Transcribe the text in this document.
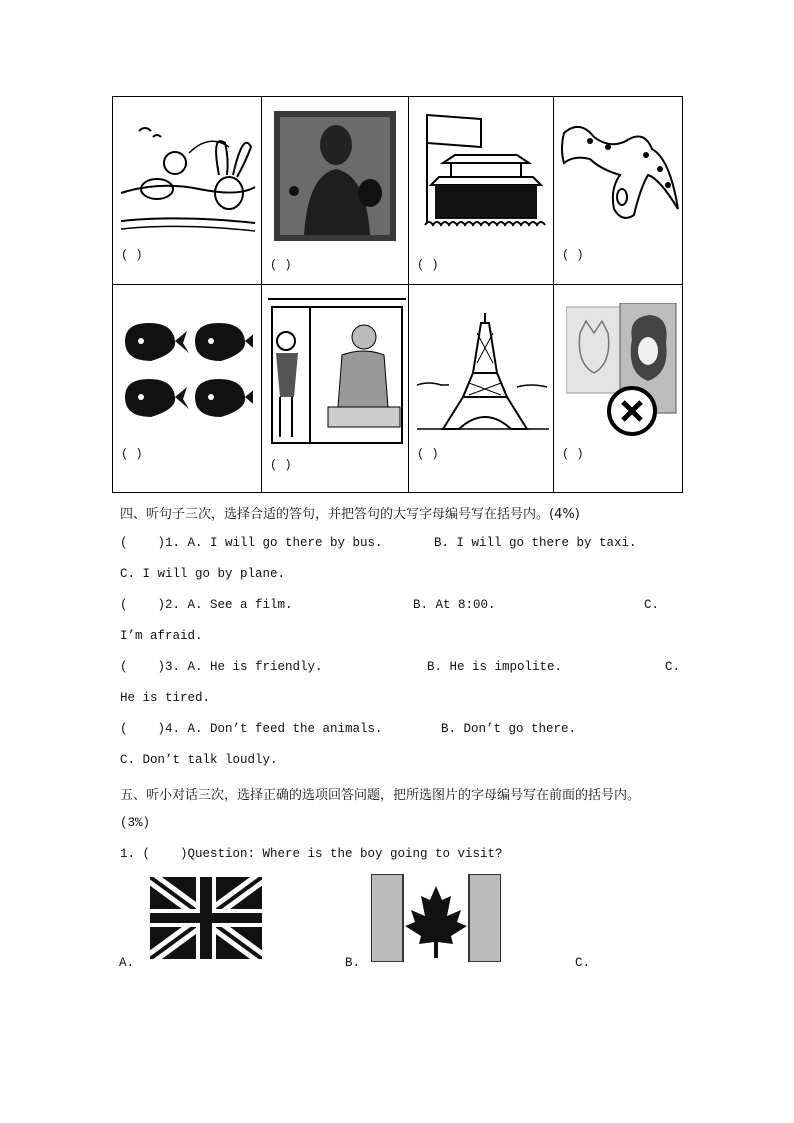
( )	( )	( )	( )

( )	( )	( )	( )
四、听句子三次，选择合适的答句，并把答句的大写字母编号写在括号内。(4%)
(    )1. A. I will go there by bus.	B. I will go there by taxi.
C. I will go by plane.
(    )2. A. See a film.	B. At 8:00.	C.
I’m afraid.
(    )3. A. He is friendly.	B. He is impolite.	C.
He is tired.
(    )4. A. Don’t feed the animals.	B. Don’t go there.
C. Don’t talk loudly.
五、听小对话三次，选择正确的选项回答问题，把所选图片的字母编号写在前面的括号内。
(3%)
1. (    )Question: Where is the boy going to visit?
A.	B.	C.
